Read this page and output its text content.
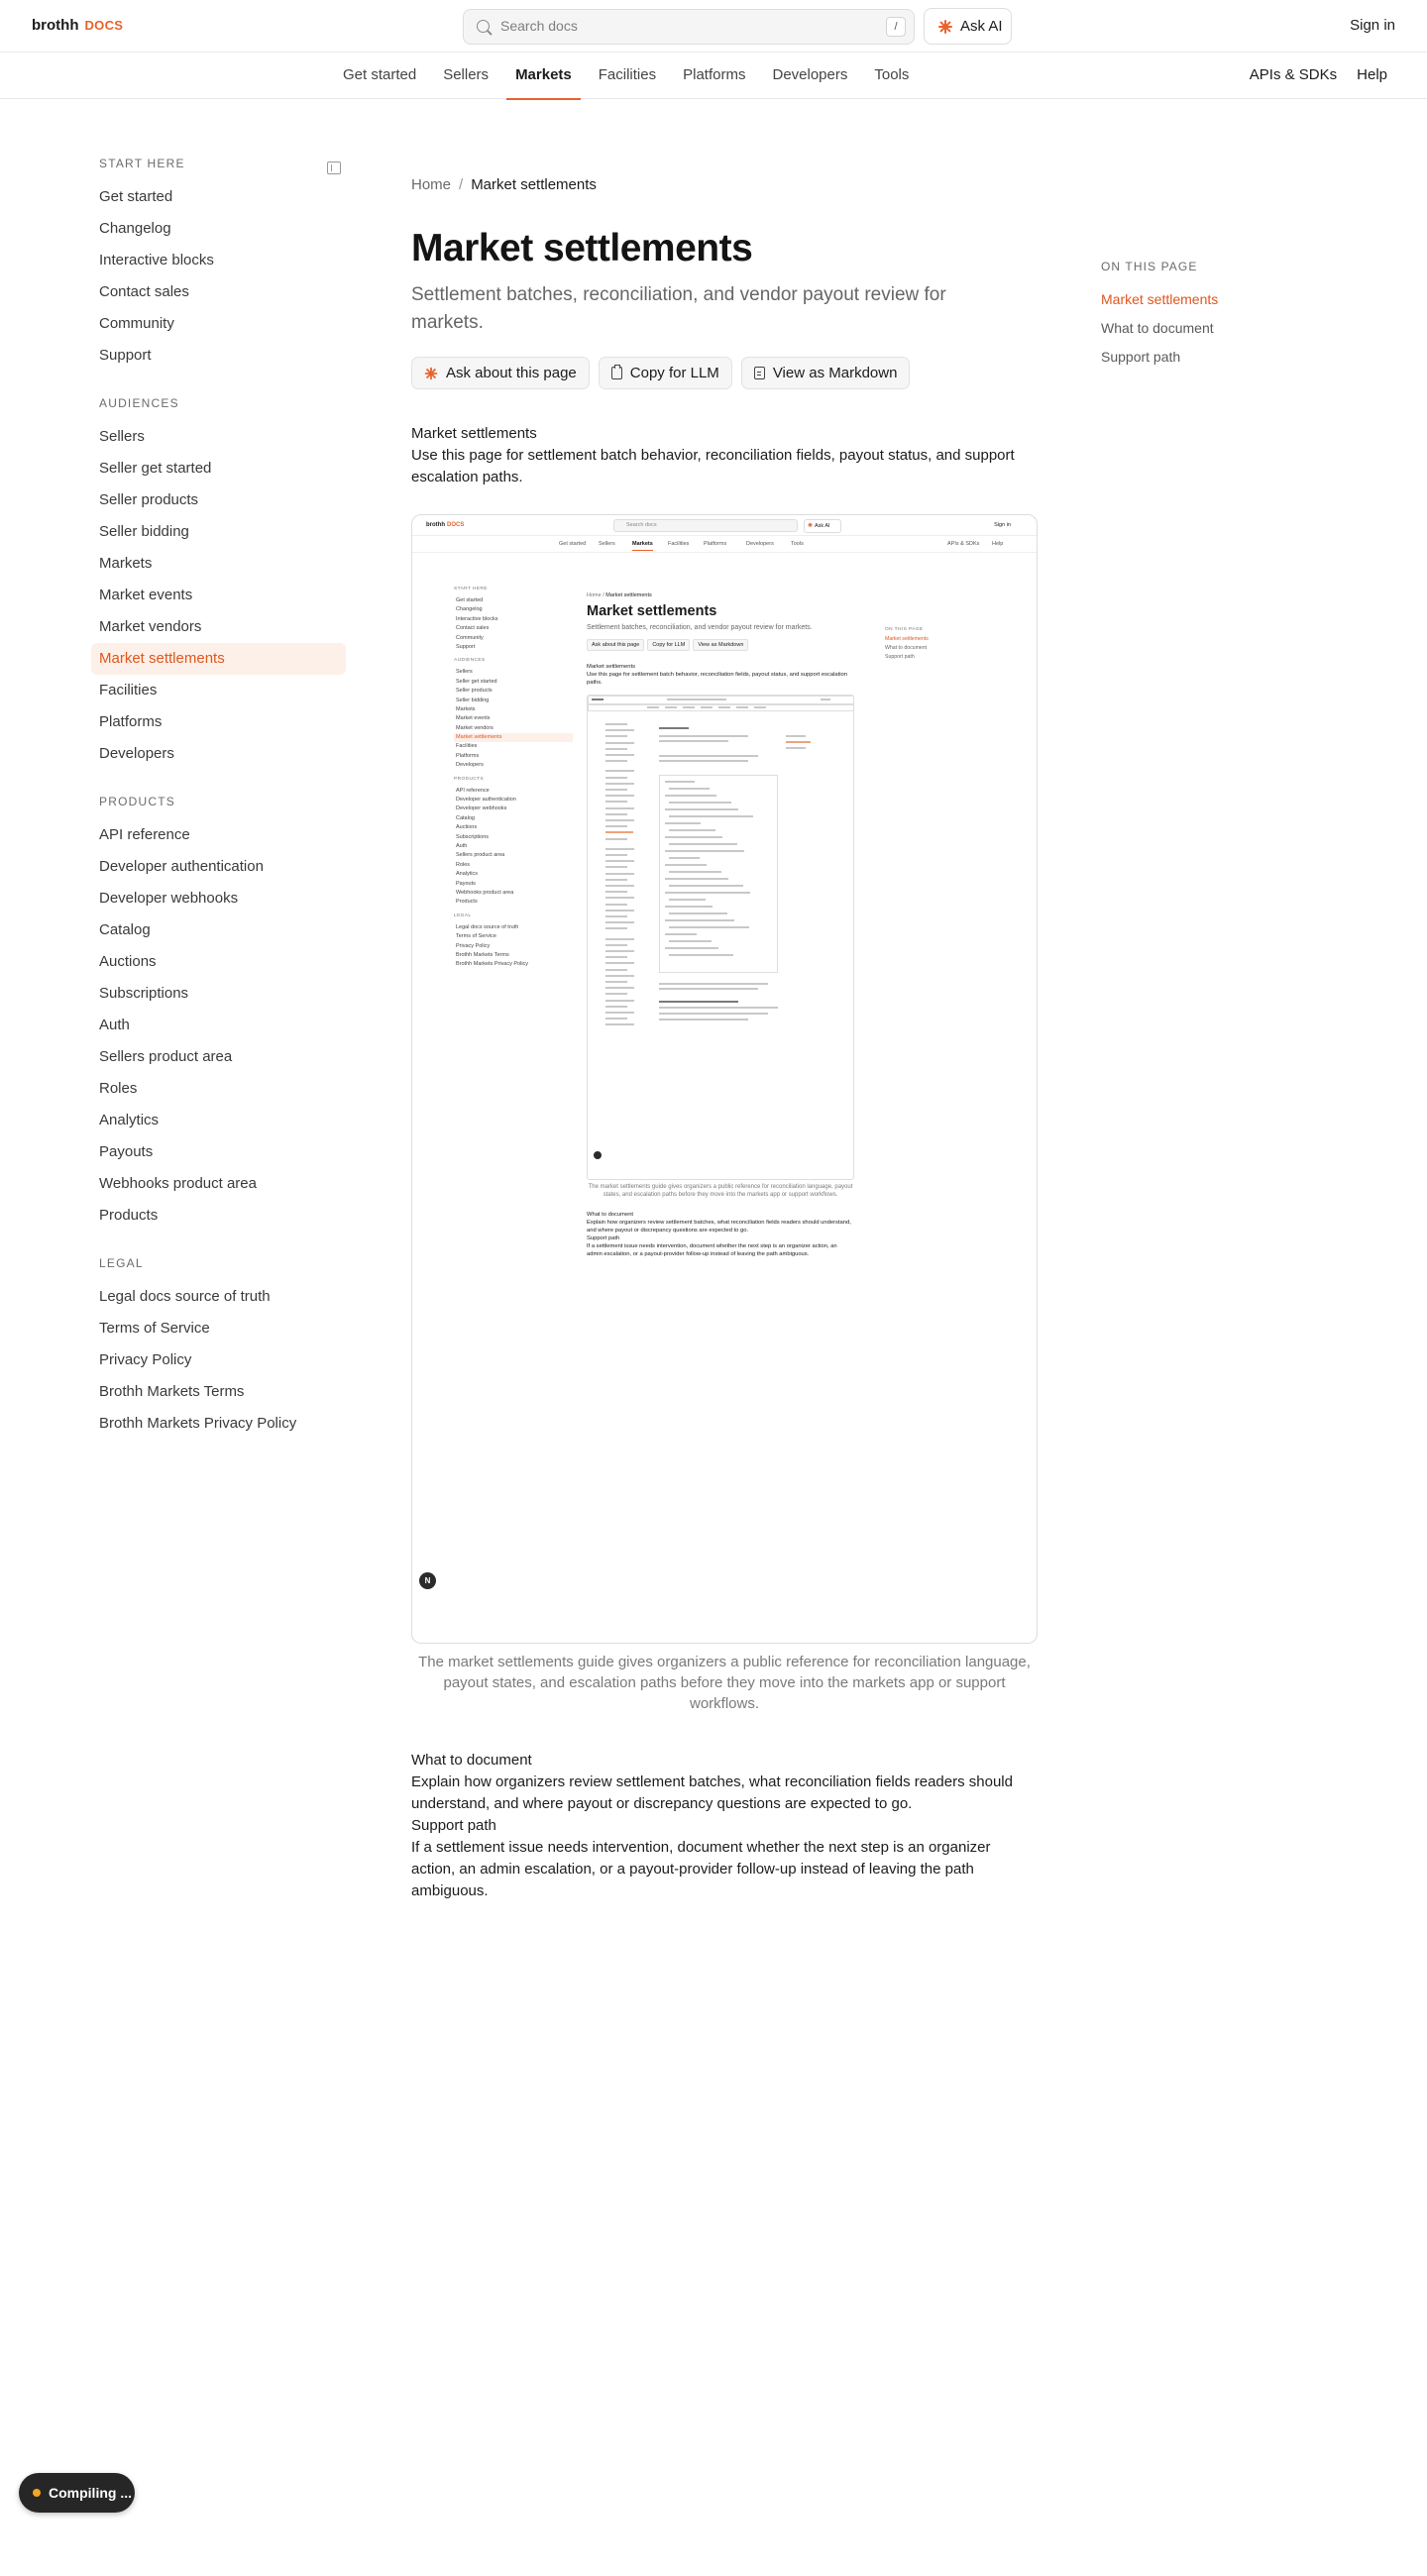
brothh DOCS
Search docs	/	Ask AI	Sign in
Get started	Sellers	Markets	Facilities	Platforms	Developers	Tools	APIs & SDKs Help
START HERE
Get started
Changelog
Interactive blocks
Contact sales
Community
Support
AUDIENCES
Sellers
Seller get started
Seller products
Seller bidding
Markets
Market events
Market vendors
Market settlements
Facilities
Platforms
Developers
PRODUCTS
API reference
Developer authentication
Developer webhooks
Catalog
Auctions
Subscriptions
Auth
Sellers product area
Roles
Analytics
Payouts
Webhooks product area
Products
LEGAL
Legal docs source of truth
Terms of Service
Privacy Policy
Brothh Markets Terms
Brothh Markets Privacy Policy
Home / Market settlements
Market settlements

Settlement batches, reconciliation, and vendor payout review for markets.

Ask about this page	Copy for LLM	View as Markdown
Market settlements
Use this page for settlement batch behavior, reconciliation fields, payout status, and support escalation paths.
brothh DOCS	Search docs
✺	Ask AI	Sign in
Get started Sellers	Markets	Facilities	Platforms	Developers	Tools	APIs & SDKs Help
START HERE
Get started
Changelog
Interactive blocks
Contact sales
Community
Support
AUDIENCES
Sellers
Seller get started
Seller products
Seller bidding
Markets
Market events
Market vendors
Market settlements
Facilities
Platforms
Developers
PRODUCTS
API reference
Developer authentication
Developer webhooks
Catalog
Auctions
Subscriptions
Auth
Sellers product area
Roles
Analytics
Payouts
Webhooks product area
Products
LEGAL
Legal docs source of truth
Terms of Service
Privacy Policy
Brothh Markets Terms
Brothh Markets Privacy Policy
Home / Market settlements
Market settlements
Settlement batches, reconciliation, and vendor payout review for markets.
Ask about this page	Copy for LLM	View as Markdown
Market settlements
Use this page for settlement batch behavior, reconciliation fields, payout status, and support escalation paths.
The market settlements guide gives organizers a public reference for reconciliation language, payout states, and escalation paths before they move into the markets app or support workflows.
What to document
Explain how organizers review settlement batches, what reconciliation fields readers should understand, and where payout or discrepancy questions are expected to go.
Support path
If a settlement issue needs intervention, document whether the next step is an organizer action, an admin escalation, or a payout-provider follow-up instead of leaving the path ambiguous.
ON THIS PAGE
Market settlements
What to document
Support path
N
The market settlements guide gives organizers a public reference for reconciliation language, payout states, and escalation paths before they move into the markets app or support workflows.
What to document
Explain how organizers review settlement batches, what reconciliation fields readers should understand, and where payout or discrepancy questions are expected to go.
Support path
If a settlement issue needs intervention, document whether the next step is an organizer action, an admin escalation, or a payout-provider follow-up instead of leaving the path ambiguous.
ON THIS PAGE
Market settlements
What to document
Support path
Compiling ...
